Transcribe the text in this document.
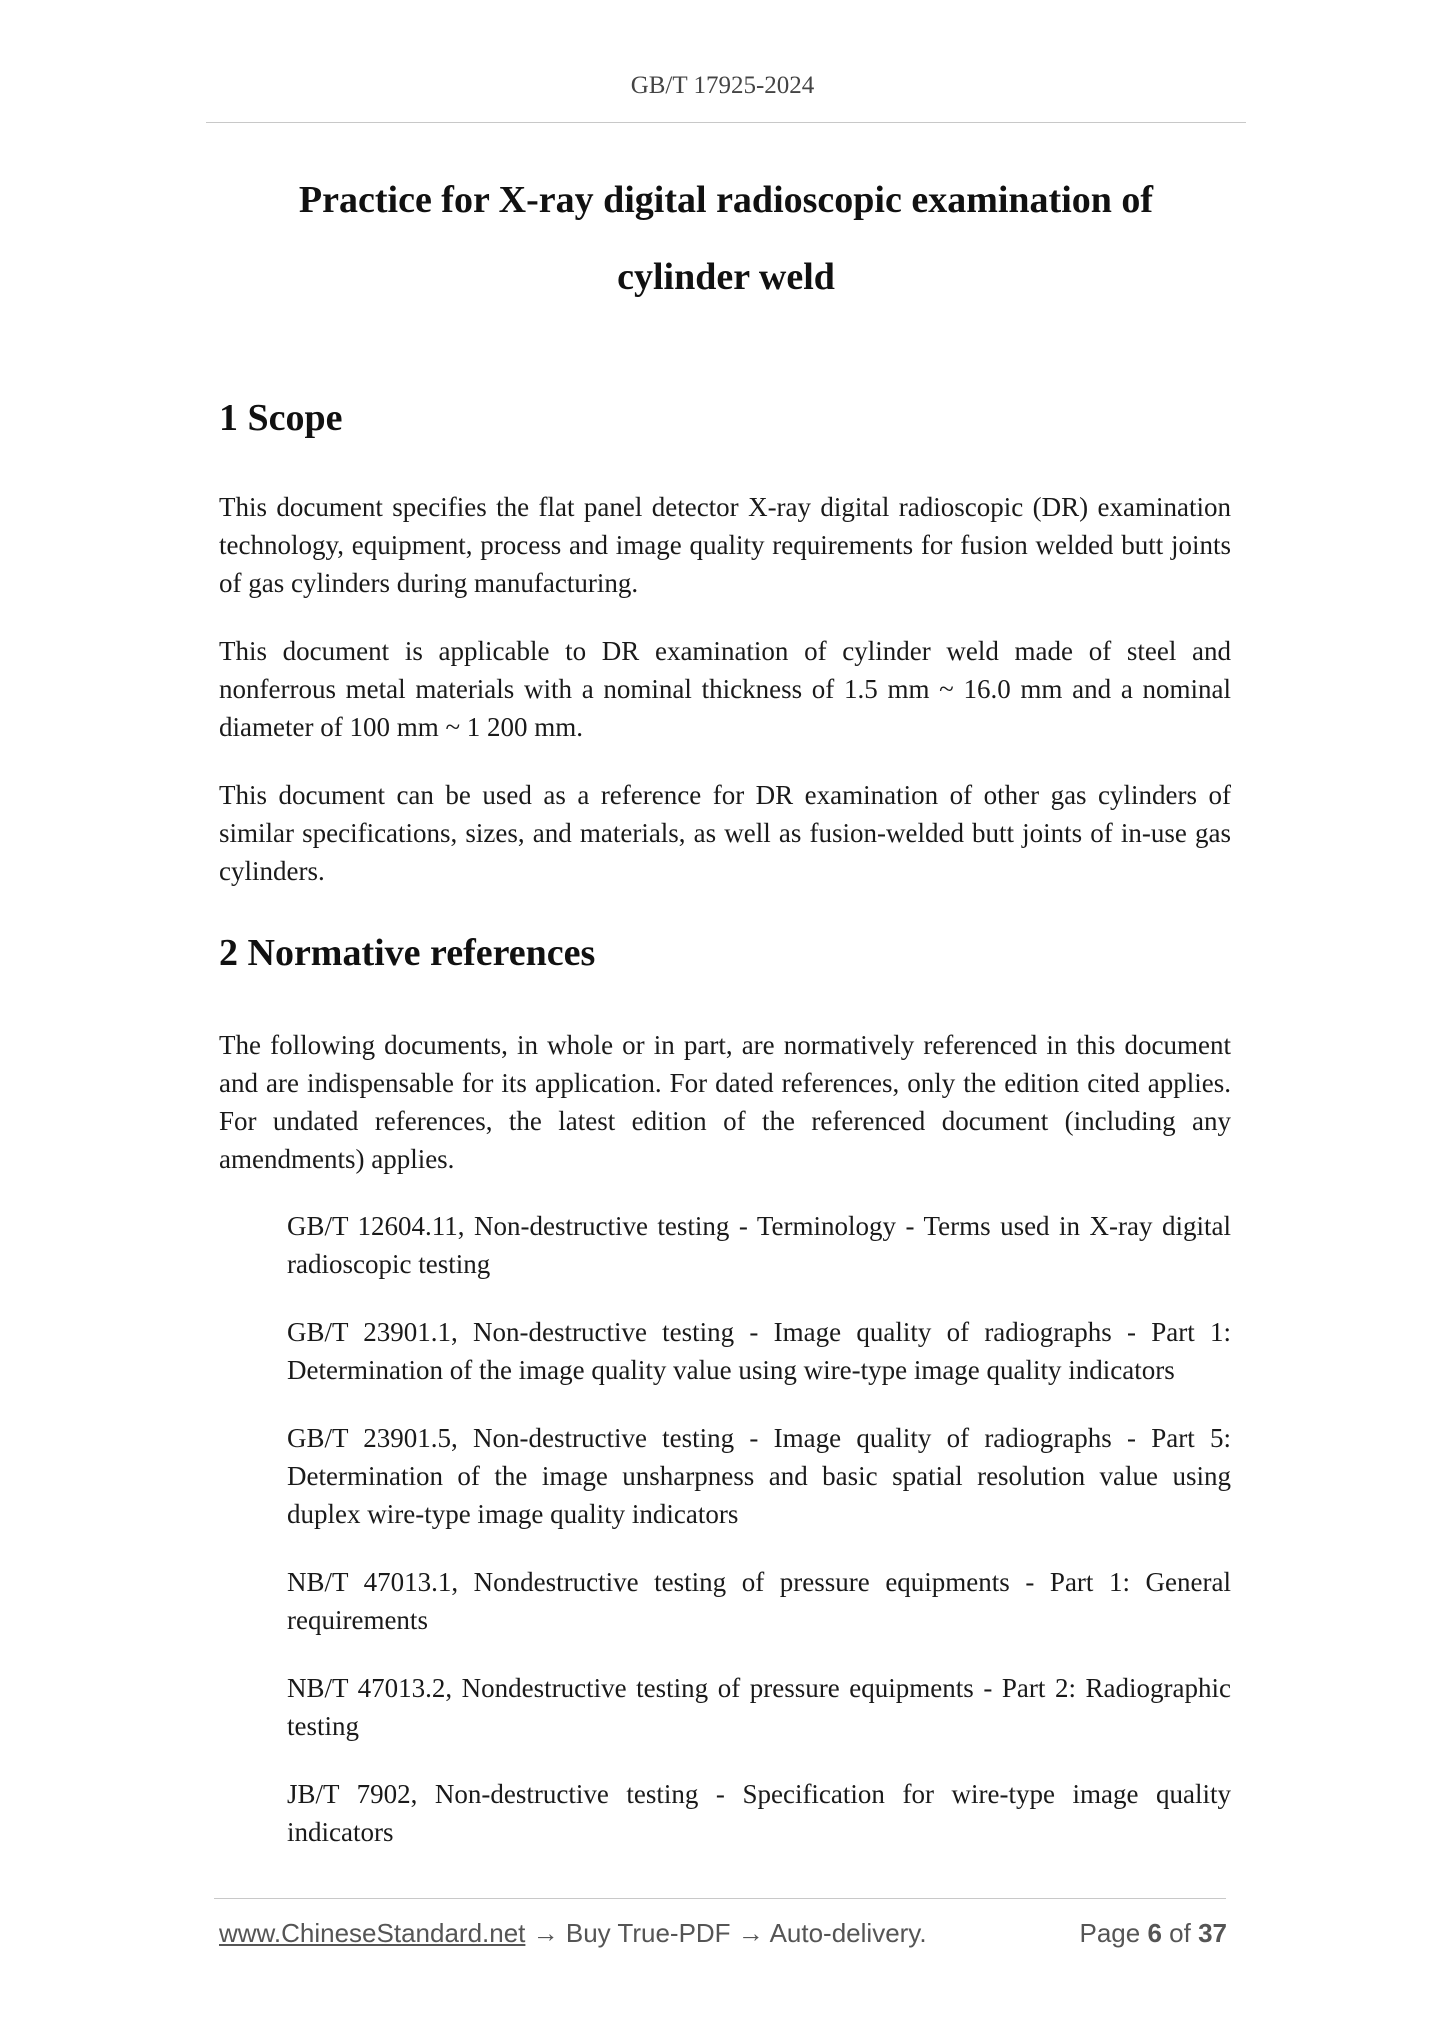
GB/T 17925-2024
Practice for X-ray digital radioscopic examination of
cylinder weld
1 Scope

This document specifies the flat panel detector X-ray digital radioscopic (DR) examination technology, equipment, process and image quality requirements for fusion welded butt joints of gas cylinders during manufacturing.

This document is applicable to DR examination of cylinder weld made of steel and nonferrous metal materials with a nominal thickness of 1.5 mm ~ 16.0 mm and a nominal diameter of 100 mm ~ 1 200 mm.

This document can be used as a reference for DR examination of other gas cylinders of similar specifications, sizes, and materials, as well as fusion-welded butt joints of in-use gas cylinders.

2 Normative references

The following documents, in whole or in part, are normatively referenced in this document and are indispensable for its application. For dated references, only the edition cited applies. For undated references, the latest edition of the referenced document (including any amendments) applies.

GB/T 12604.11, Non-destructive testing - Terminology - Terms used in X-ray digital radioscopic testing

GB/T 23901.1, Non-destructive testing - Image quality of radiographs - Part 1: Determination of the image quality value using wire-type image quality indicators

GB/T 23901.5, Non-destructive testing - Image quality of radiographs - Part 5: Determination of the image unsharpness and basic spatial resolution value using duplex wire-type image quality indicators

NB/T 47013.1, Nondestructive testing of pressure equipments - Part 1: General requirements

NB/T 47013.2, Nondestructive testing of pressure equipments - Part 2: Radiographic testing

JB/T 7902, Non-destructive testing - Specification for wire-type image quality indicators

www.ChineseStandard.net → Buy True-PDF → Auto-delivery.	Page 6 of 37
